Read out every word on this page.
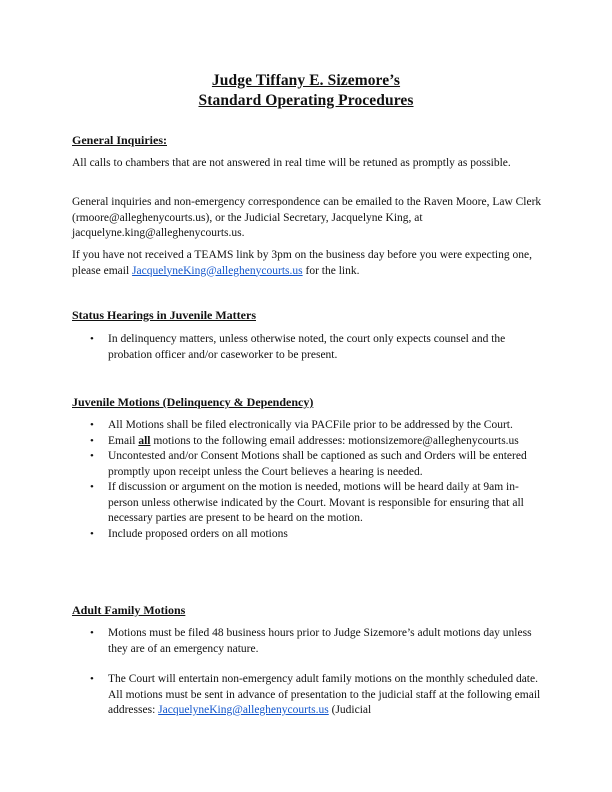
Judge Tiffany E. Sizemore’s
Standard Operating Procedures
General Inquiries:

All calls to chambers that are not answered in real time will be retuned as promptly as possible.

General inquiries and non-emergency correspondence can be emailed to the Raven Moore, Law Clerk (rmoore@alleghenycourts.us), or the Judicial Secretary, Jacquelyne King, at jacquelyne.king@alleghenycourts.us.

If you have not received a TEAMS link by 3pm on the business day before you were expecting one, please email JacquelyneKing@alleghenycourts.us for the link.

Status Hearings in Juvenile Matters
• In delinquency matters, unless otherwise noted, the court only expects counsel and the probation officer and/or caseworker to be present.
Juvenile Motions (Delinquency & Dependency)
• All Motions shall be filed electronically via PACFile prior to be addressed by the Court.
• Email all motions to the following email addresses: motionsizemore@alleghenycourts.us
• Uncontested and/or Consent Motions shall be captioned as such and Orders will be entered promptly upon receipt unless the Court believes a hearing is needed.
• If discussion or argument on the motion is needed, motions will be heard daily at 9am in-person unless otherwise indicated by the Court. Movant is responsible for ensuring that all necessary parties are present to be heard on the motion.
• Include proposed orders on all motions
Adult Family Motions
• Motions must be filed 48 business hours prior to Judge Sizemore’s adult motions day unless they are of an emergency nature.
• The Court will entertain non-emergency adult family motions on the monthly scheduled date. All motions must be sent in advance of presentation to the judicial staff at the following email addresses: JacquelyneKing@alleghenycourts.us (Judicial
